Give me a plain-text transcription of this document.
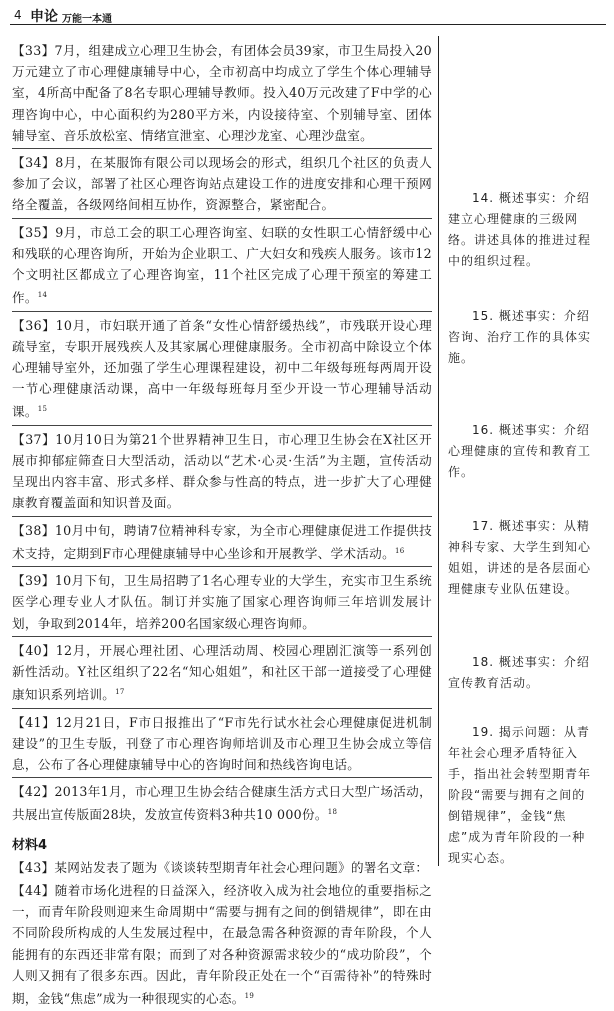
4 申论 万能一本通

【33】7月，组建成立心理卫生协会，有团体会员39家，市卫生局投入20万元建立了市心理健康辅导中心，全市初高中均成立了学生个体心理辅导室，4所高中配备了8名专职心理辅导教师。投入40万元改建了F中学的心理咨询中心，中心面积约为280平方米，内设接待室、个别辅导室、团体辅导室、音乐放松室、情绪宣泄室、心理沙龙室、心理沙盘室。

【34】8月，在某服饰有限公司以现场会的形式，组织几个社区的负责人参加了会议，部署了社区心理咨询站点建设工作的进度安排和心理干预网络全覆盖，各级网络间相互协作，资源整合，紧密配合。

【35】9月，市总工会的职工心理咨询室、妇联的女性职工心情舒缓中心和残联的心理咨询所，开始为企业职工、广大妇女和残疾人服务。该市12个文明社区都成立了心理咨询室，11个社区完成了心理干预室的筹建工作。$^{14}$

【36】10月，市妇联开通了首条“女性心情舒缓热线”，市残联开设心理疏导室，专职开展残疾人及其家属心理健康服务。全市初高中除设立个体心理辅导室外，还加强了学生心理课程建设，初中二年级每班每两周开设一节心理健康活动课，高中一年级每班每月至少开设一节心理辅导活动课。$^{15}$

【37】10月10日为第21个世界精神卫生日，市心理卫生协会在X社区开展市抑郁症筛查日大型活动，活动以“艺术·心灵·生活”为主题，宣传活动呈现出内容丰富、形式多样、群众参与性高的特点，进一步扩大了心理健康教育覆盖面和知识普及面。

【38】10月中旬，聘请7位精神科专家，为全市心理健康促进工作提供技术支持，定期到F市心理健康辅导中心坐诊和开展教学、学术活动。$^{16}$

【39】10月下旬，卫生局招聘了1名心理专业的大学生，充实市卫生系统医学心理专业人才队伍。制订并实施了国家心理咨询师三年培训发展计划，争取到2014年，培养200名国家级心理咨询师。

【40】12月，开展心理社团、心理活动周、校园心理剧汇演等一系列创新性活动。Y社区组织了22名“知心姐姐”，和社区干部一道接受了心理健康知识系列培训。$^{17}$

【41】12月21日，F市日报推出了“F市先行试水社会心理健康促进机制建设”的卫生专版，刊登了市心理咨询师培训及市心理卫生协会成立等信息，公布了各心理健康辅导中心的咨询时间和热线咨询电话。

【42】2013年1月，市心理卫生协会结合健康生活方式日大型广场活动，共展出宣传版面28块，发放宣传资料3种共10 000份。$^{18}$

材料4

【43】某网站发表了题为《谈谈转型期青年社会心理问题》的署名文章：

【44】随着市场化进程的日益深入，经济收入成为社会地位的重要指标之一，而青年阶段则迎来生命周期中“需要与拥有之间的倒错规律”，即在由不同阶段所构成的人生发展过程中，在最急需各种资源的青年阶段，个人能拥有的东西还非常有限；而到了对各种资源需求较少的“成功阶段”，个人则又拥有了很多东西。因此，青年阶段正处在一个“百需待补”的特殊时期，金钱“焦虑”成为一种很现实的心态。$^{19}$

14. 概述事实：介绍建立心理健康的三级网络。讲述具体的推进过程中的组织过程。
15. 概述事实：介绍咨询、治疗工作的具体实施。
16. 概述事实：介绍心理健康的宣传和教育工作。
17. 概述事实：从精神科专家、大学生到知心姐姐，讲述的是各层面心理健康专业队伍建设。
18. 概述事实：介绍宣传教育活动。
19. 揭示问题：从青年社会心理矛盾特征入手，指出社会转型期青年阶段“需要与拥有之间的倒错规律”，金钱“焦虑”成为青年阶段的一种现实心态。
